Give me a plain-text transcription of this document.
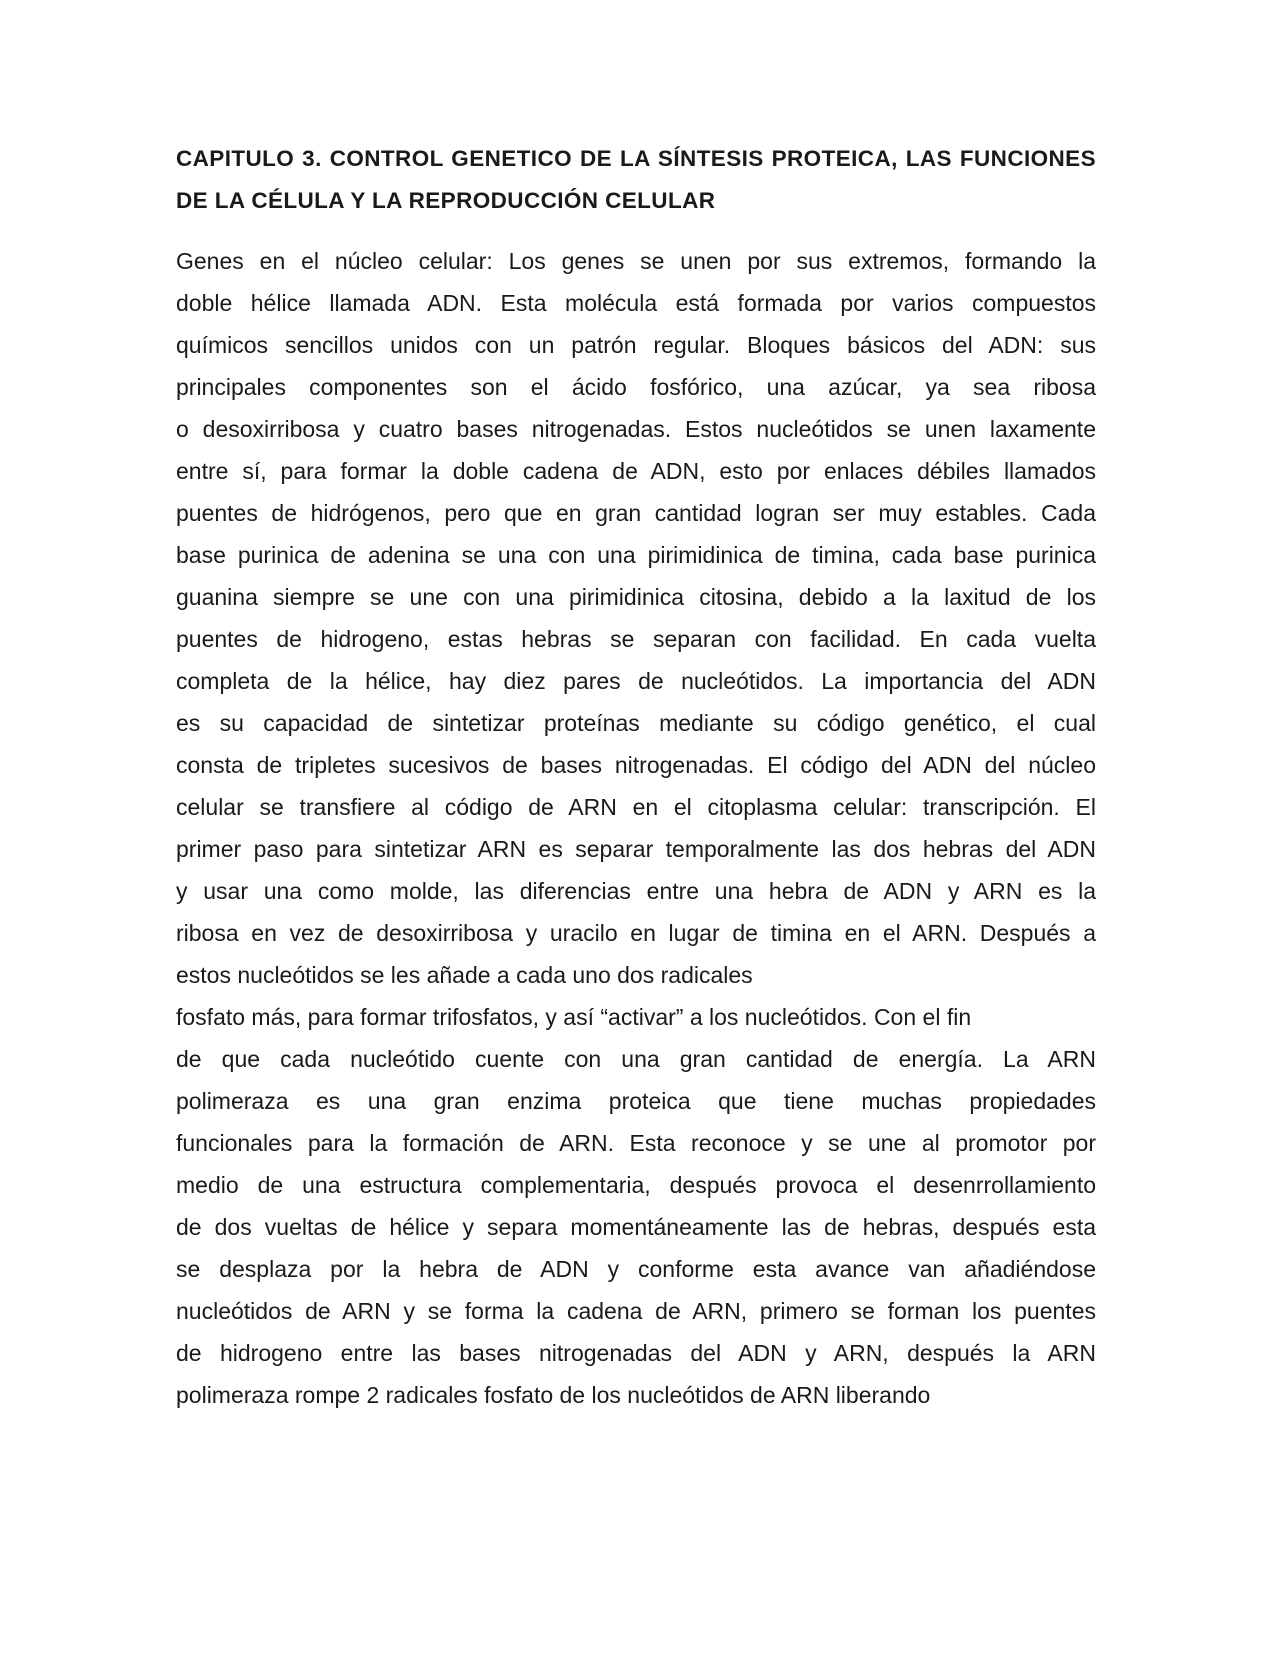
CAPITULO 3. CONTROL GENETICO DE LA SÍNTESIS PROTEICA, LAS FUNCIONES DE LA CÉLULA Y LA REPRODUCCIÓN CELULAR
Genes en el núcleo celular: Los genes se unen por sus extremos, formando la
doble hélice llamada ADN. Esta molécula está formada por varios compuestos
químicos sencillos unidos con un patrón regular. Bloques básicos del ADN: sus
principales componentes son el ácido fosfórico, una azúcar, ya sea ribosa
o desoxirribosa y cuatro bases nitrogenadas. Estos nucleótidos se unen laxamente
entre sí, para formar la doble cadena de ADN, esto por enlaces débiles llamados
puentes de hidrógenos, pero que en gran cantidad logran ser muy estables. Cada
base purinica de adenina se una con una pirimidinica de timina, cada base purinica
guanina siempre se une con una pirimidinica citosina, debido a la laxitud de los
puentes de hidrogeno, estas hebras se separan con facilidad. En cada vuelta
completa de la hélice, hay diez pares de nucleótidos. La importancia del ADN
es su capacidad de sintetizar proteínas mediante su código genético, el cual
consta de tripletes sucesivos de bases nitrogenadas. El código del ADN del núcleo
celular se transfiere al código de ARN en el citoplasma celular: transcripción. El
primer paso para sintetizar ARN es separar temporalmente las dos hebras del ADN
y usar una como molde, las diferencias entre una hebra de ADN y ARN es la
ribosa en vez de desoxirribosa y uracilo en lugar de timina en el ARN. Después a
estos nucleótidos se les añade a cada uno dos radicales
fosfato más, para formar trifosfatos, y así “activar” a los nucleótidos. Con el fin
de que cada nucleótido cuente con una gran cantidad de energía. La ARN
polimeraza es una gran enzima proteica que tiene muchas propiedades
funcionales para la formación de ARN. Esta reconoce y se une al promotor por
medio de una estructura complementaria, después provoca el desenrrollamiento
de dos vueltas de hélice y separa momentáneamente las de hebras, después esta
se desplaza por la hebra de ADN y conforme esta avance van añadiéndose
nucleótidos de ARN y se forma la cadena de ARN, primero se forman los puentes
de hidrogeno entre las bases nitrogenadas del ADN y ARN, después la ARN
polimeraza rompe 2 radicales fosfato de los nucleótidos de ARN liberando
